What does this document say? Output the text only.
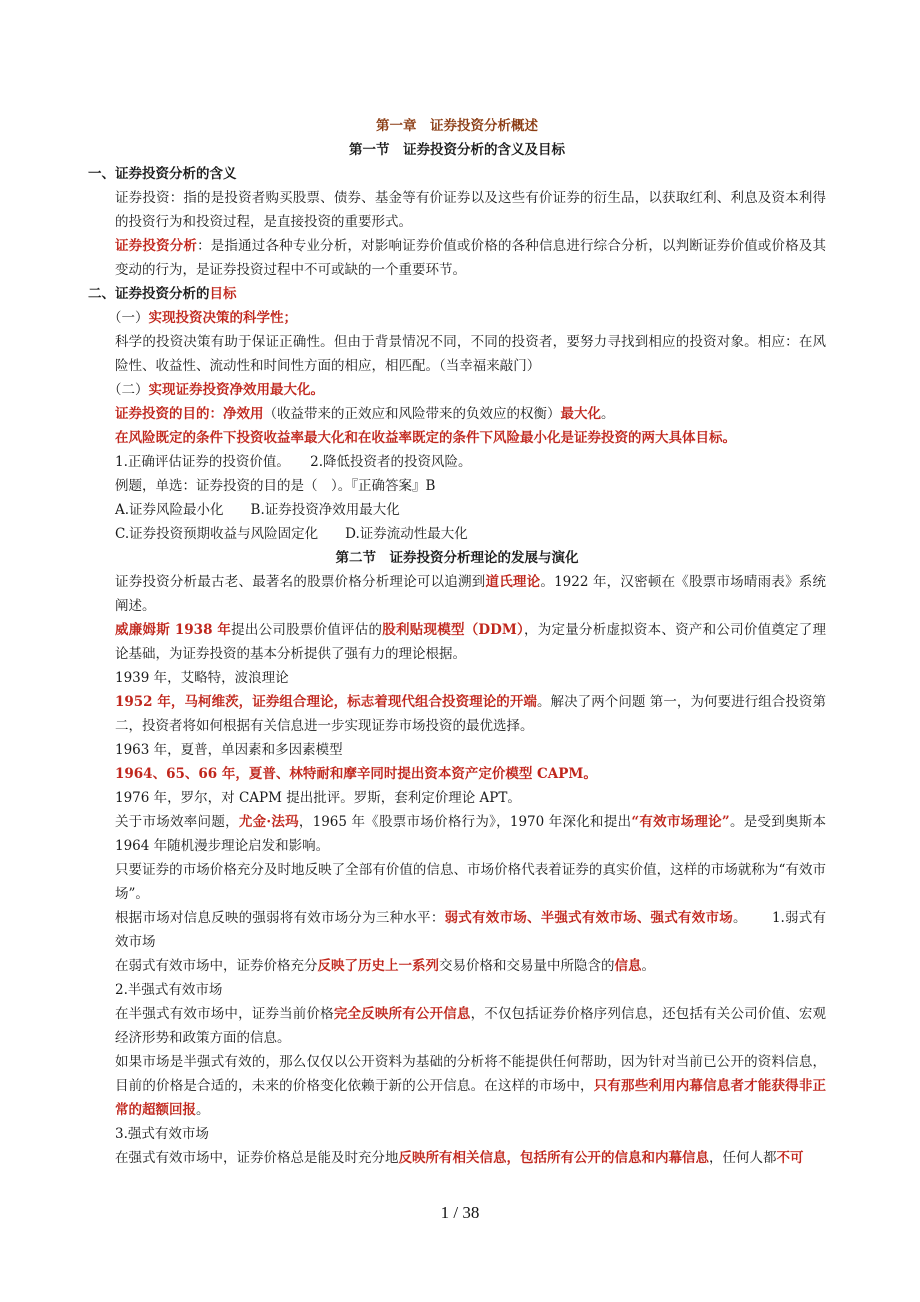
第一章　证券投资分析概述

第一节　证券投资分析的含义及目标

一、证券投资分析的含义

证券投资：指的是投资者购买股票、债券、基金等有价证券以及这些有价证券的衍生品，以获取红利、利息及资本利得的投资行为和投资过程，是直接投资的重要形式。

证券投资分析：是指通过各种专业分析，对影响证券价值或价格的各种信息进行综合分析，以判断证券价值或价格及其变动的行为，是证券投资过程中不可或缺的一个重要环节。

二、证券投资分析的目标

（一）实现投资决策的科学性；

科学的投资决策有助于保证正确性。但由于背景情况不同，不同的投资者，要努力寻找到相应的投资对象。相应：在风险性、收益性、流动性和时间性方面的相应，相匹配。（当幸福来敲门）

（二）实现证券投资净效用最大化。

证券投资的目的：净效用（收益带来的正效应和风险带来的负效应的权衡）最大化。

在风险既定的条件下投资收益率最大化和在收益率既定的条件下风险最小化是证券投资的两大具体目标。

1.正确评估证券的投资价值。　　2.降低投资者的投资风险。

例题，单选：证券投资的目的是（　）。『正确答案』B

A.证券风险最小化　　B.证券投资净效用最大化

C.证券投资预期收益与风险固定化　　D.证券流动性最大化

第二节　证券投资分析理论的发展与演化

证券投资分析最古老、最著名的股票价格分析理论可以追溯到道氏理论。1922 年，汉密顿在《股票市场晴雨表》系统阐述。

威廉姆斯 1938 年提出公司股票价值评估的股利贴现模型（DDM），为定量分析虚拟资本、资产和公司价值奠定了理论基础，为证券投资的基本分析提供了强有力的理论根据。

1939 年，艾略特，波浪理论

1952 年，马柯维茨，证券组合理论，标志着现代组合投资理论的开端。解决了两个问题 第一，为何要进行组合投资第二，投资者将如何根据有关信息进一步实现证券市场投资的最优选择。

1963 年，夏普，单因素和多因素模型

1964、65、66 年，夏普、林特耐和摩辛同时提出资本资产定价模型 CAPM。

1976 年，罗尔，对 CAPM 提出批评。罗斯，套利定价理论 APT。

关于市场效率问题，尤金·法玛，1965 年《股票市场价格行为》，1970 年深化和提出“有效市场理论”。是受到奥斯本 1964 年随机漫步理论启发和影响。

只要证券的市场价格充分及时地反映了全部有价值的信息、市场价格代表着证券的真实价值，这样的市场就称为“有效市场”。

根据市场对信息反映的强弱将有效市场分为三种水平：弱式有效市场、半强式有效市场、强式有效市场。　　 1.弱式有效市场

在弱式有效市场中，证券价格充分反映了历史上一系列交易价格和交易量中所隐含的信息。

2.半强式有效市场

在半强式有效市场中，证券当前价格完全反映所有公开信息，不仅包括证券价格序列信息，还包括有关公司价值、宏观经济形势和政策方面的信息。

如果市场是半强式有效的，那么仅仅以公开资料为基础的分析将不能提供任何帮助，因为针对当前已公开的资料信息，目前的价格是合适的，未来的价格变化依赖于新的公开信息。在这样的市场中，只有那些利用内幕信息者才能获得非正常的超额回报。

3.强式有效市场

在强式有效市场中，证券价格总是能及时充分地反映所有相关信息，包括所有公开的信息和内幕信息，任何人都不可

1 / 38
